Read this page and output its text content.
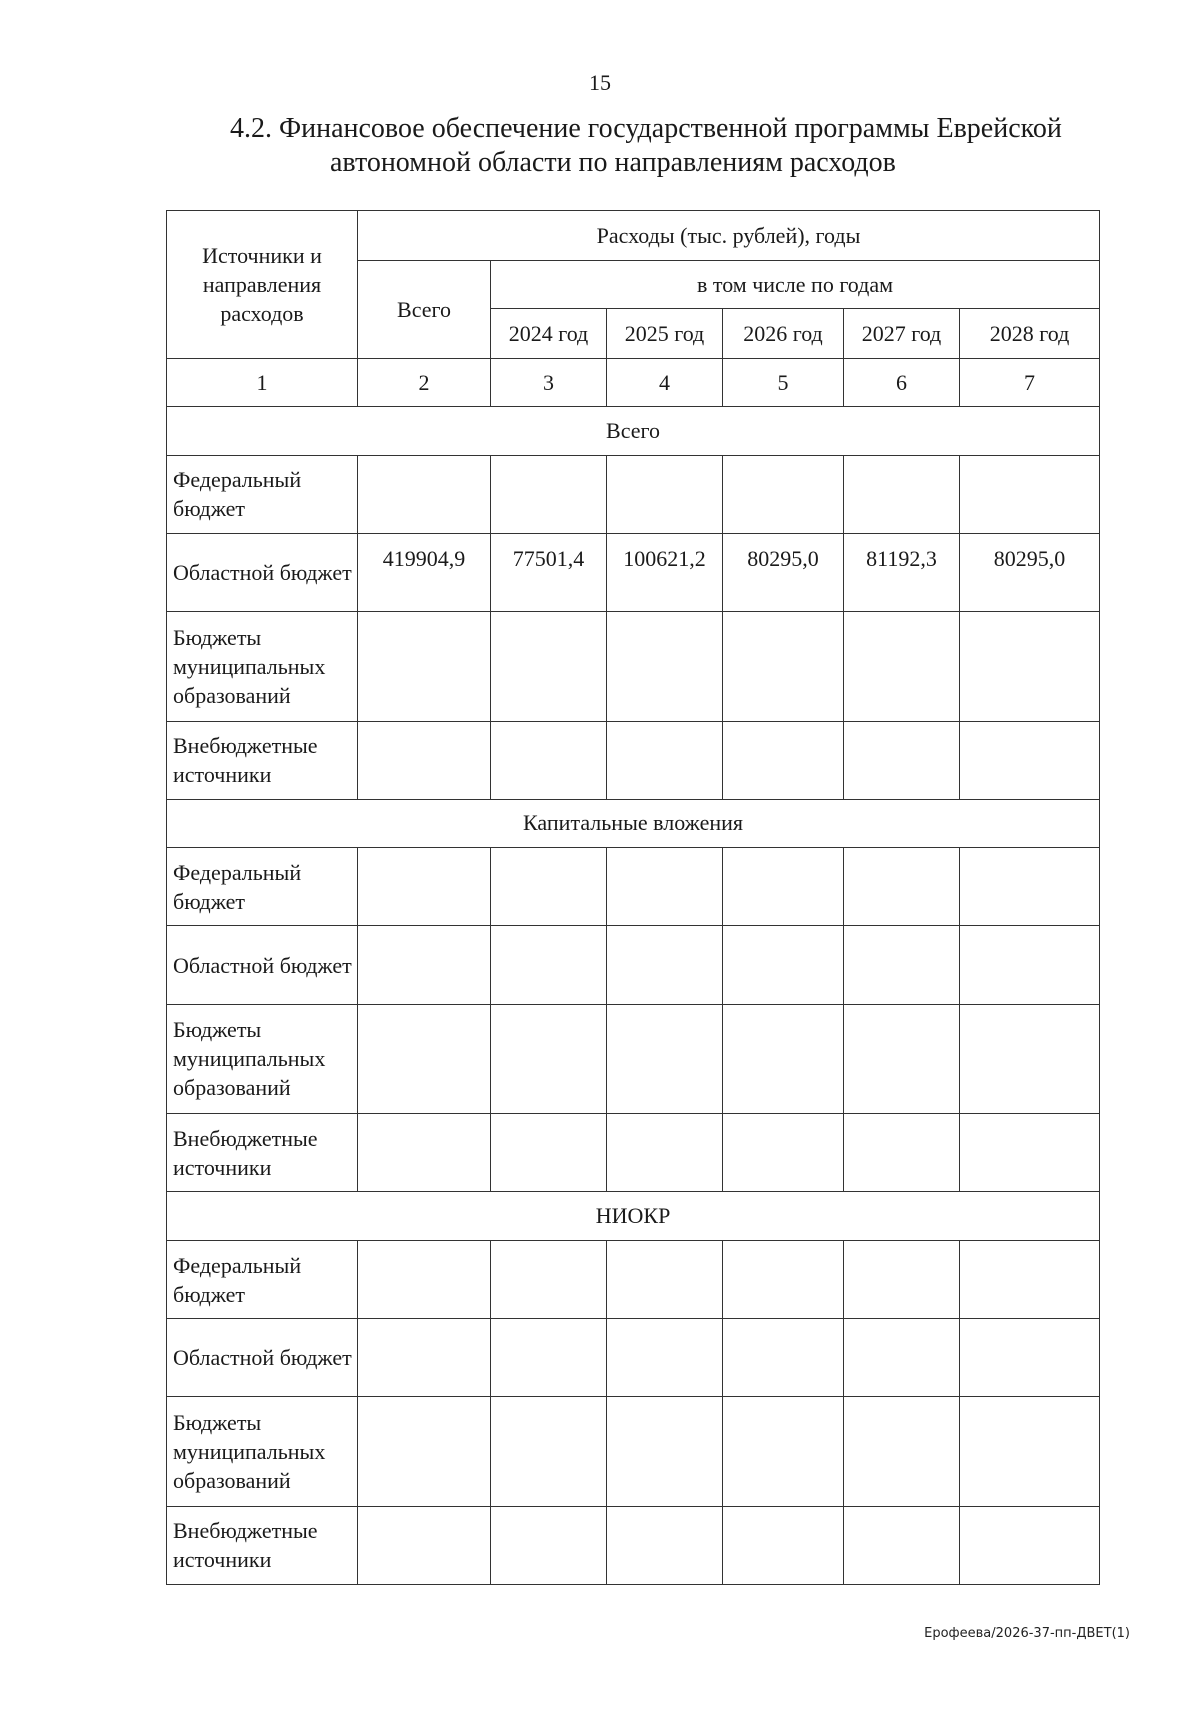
15
4.2. Финансовое обеспечение государственной программы Еврейской
автономной области по направлениям расходов
Источники и направления расходов	Расходы (тыс. рублей), годы					
	Всего	в том числе по годам				
		2024 год	2025 год	2026 год	2027 год	2028 год
1	2	3	4	5	6	7
Всего						
Федеральный бюджет						
Областной бюджет	419904,9	77501,4	100621,2	80295,0	81192,3	80295,0
Бюджеты муниципальных образований						
Внебюджетные источники						
Капитальные вложения						
Федеральный бюджет						
Областной бюджет						
Бюджеты муниципальных образований						
Внебюджетные источники						
НИОКР						
Федеральный бюджет						
Областной бюджет						
Бюджеты муниципальных образований						
Внебюджетные источники						
Ерофеева/2026-37-пп-ДВЕТ(1)
